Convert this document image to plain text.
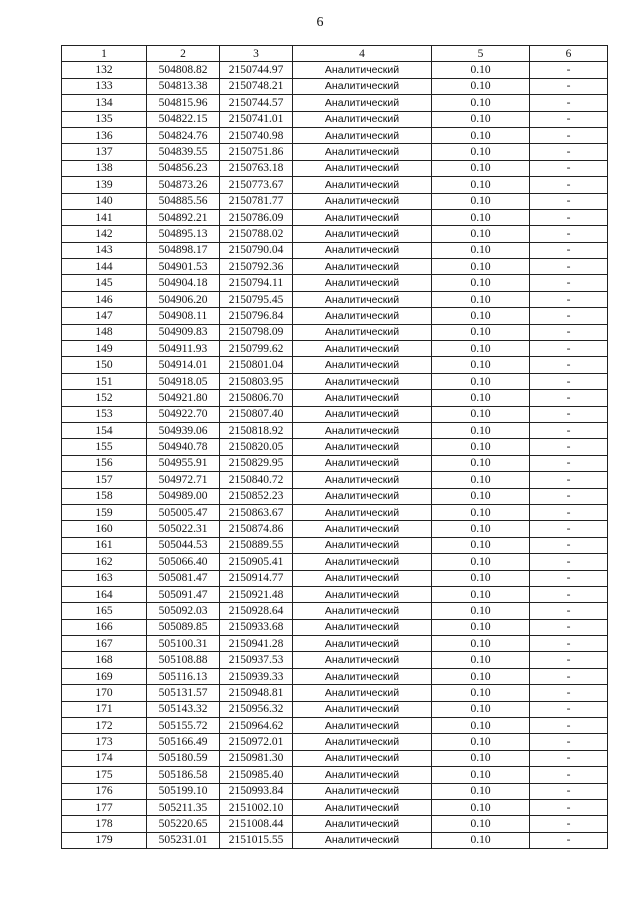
6
1	2	3	4	5	6
132	504808.82	2150744.97	Аналитический	0.10	-
133	504813.38	2150748.21	Аналитический	0.10	-
134	504815.96	2150744.57	Аналитический	0.10	-
135	504822.15	2150741.01	Аналитический	0.10	-
136	504824.76	2150740.98	Аналитический	0.10	-
137	504839.55	2150751.86	Аналитический	0.10	-
138	504856.23	2150763.18	Аналитический	0.10	-
139	504873.26	2150773.67	Аналитический	0.10	-
140	504885.56	2150781.77	Аналитический	0.10	-
141	504892.21	2150786.09	Аналитический	0.10	-
142	504895.13	2150788.02	Аналитический	0.10	-
143	504898.17	2150790.04	Аналитический	0.10	-
144	504901.53	2150792.36	Аналитический	0.10	-
145	504904.18	2150794.11	Аналитический	0.10	-
146	504906.20	2150795.45	Аналитический	0.10	-
147	504908.11	2150796.84	Аналитический	0.10	-
148	504909.83	2150798.09	Аналитический	0.10	-
149	504911.93	2150799.62	Аналитический	0.10	-
150	504914.01	2150801.04	Аналитический	0.10	-
151	504918.05	2150803.95	Аналитический	0.10	-
152	504921.80	2150806.70	Аналитический	0.10	-
153	504922.70	2150807.40	Аналитический	0.10	-
154	504939.06	2150818.92	Аналитический	0.10	-
155	504940.78	2150820.05	Аналитический	0.10	-
156	504955.91	2150829.95	Аналитический	0.10	-
157	504972.71	2150840.72	Аналитический	0.10	-
158	504989.00	2150852.23	Аналитический	0.10	-
159	505005.47	2150863.67	Аналитический	0.10	-
160	505022.31	2150874.86	Аналитический	0.10	-
161	505044.53	2150889.55	Аналитический	0.10	-
162	505066.40	2150905.41	Аналитический	0.10	-
163	505081.47	2150914.77	Аналитический	0.10	-
164	505091.47	2150921.48	Аналитический	0.10	-
165	505092.03	2150928.64	Аналитический	0.10	-
166	505089.85	2150933.68	Аналитический	0.10	-
167	505100.31	2150941.28	Аналитический	0.10	-
168	505108.88	2150937.53	Аналитический	0.10	-
169	505116.13	2150939.33	Аналитический	0.10	-
170	505131.57	2150948.81	Аналитический	0.10	-
171	505143.32	2150956.32	Аналитический	0.10	-
172	505155.72	2150964.62	Аналитический	0.10	-
173	505166.49	2150972.01	Аналитический	0.10	-
174	505180.59	2150981.30	Аналитический	0.10	-
175	505186.58	2150985.40	Аналитический	0.10	-
176	505199.10	2150993.84	Аналитический	0.10	-
177	505211.35	2151002.10	Аналитический	0.10	-
178	505220.65	2151008.44	Аналитический	0.10	-
179	505231.01	2151015.55	Аналитический	0.10	-
